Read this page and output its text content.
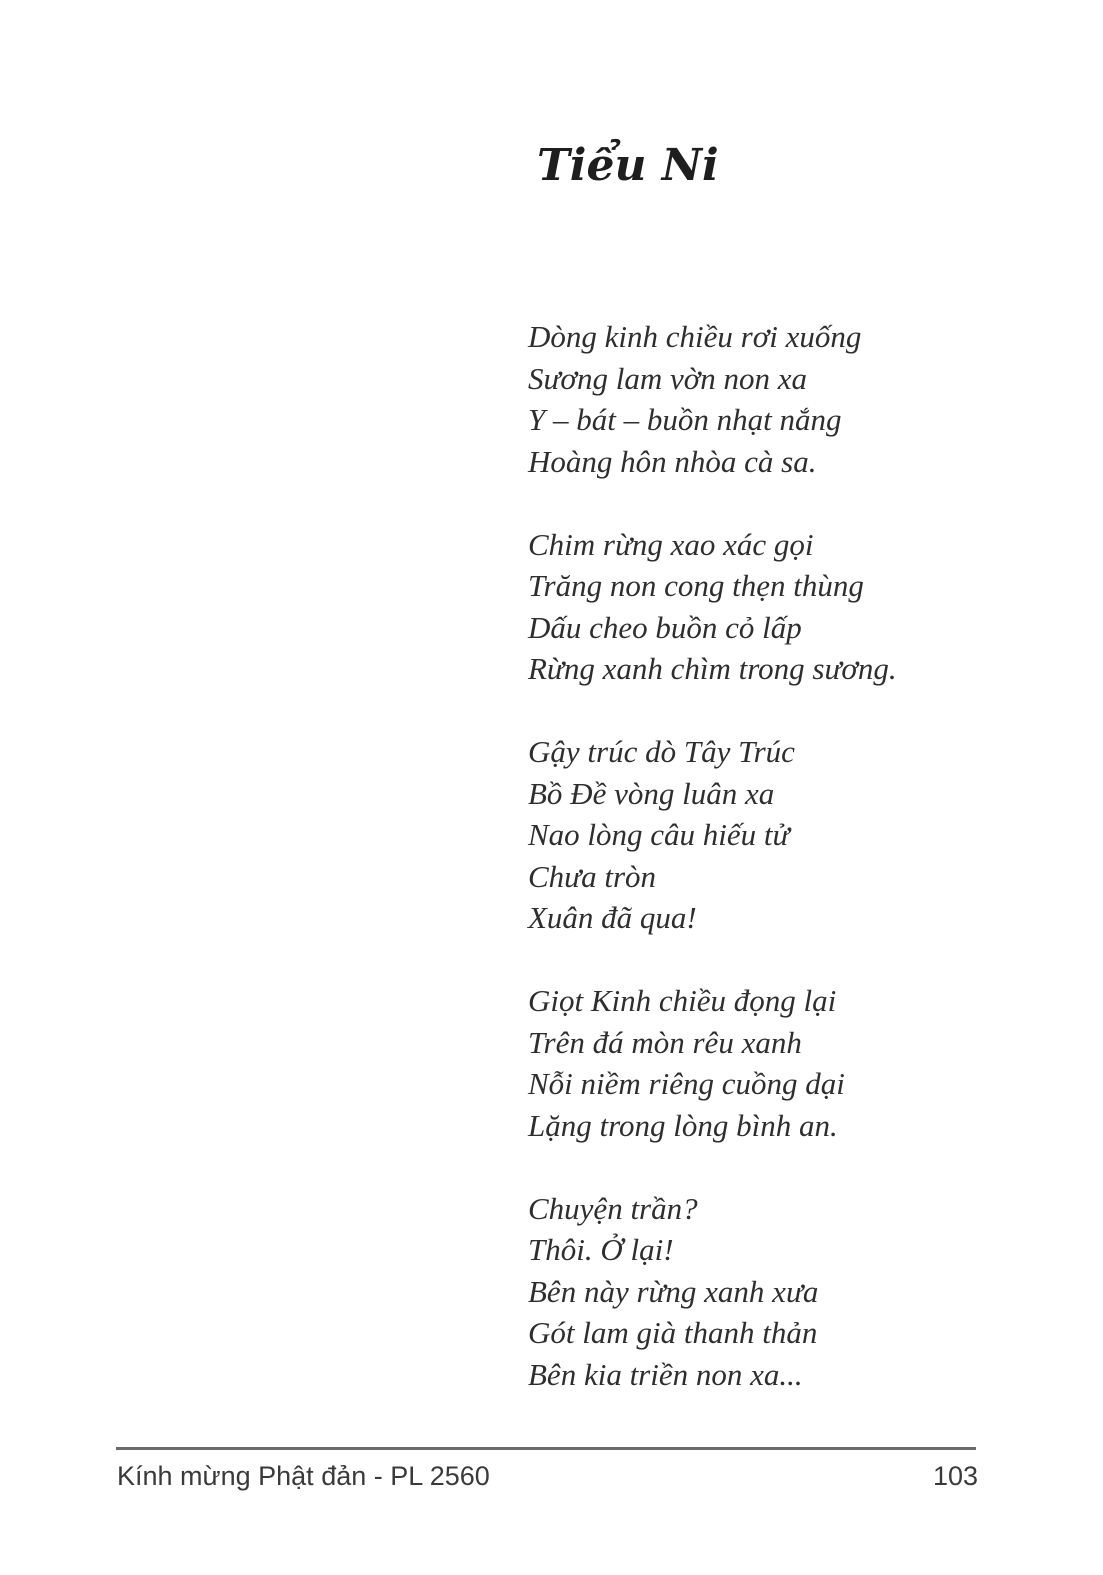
Tiểu Ni
Dòng kinh chiều rơi xuống
Sương lam vờn non xa
Y – bát – buồn nhạt nắng
Hoàng hôn nhòa cà sa.
Chim rừng xao xác gọi
Trăng non cong thẹn thùng
Dấu cheo buồn cỏ lấp
Rừng xanh chìm trong sương.
Gậy trúc dò Tây Trúc
Bồ Đề vòng luân xa
Nao lòng câu hiếu tử
Chưa tròn
Xuân đã qua!
Giọt Kinh chiều đọng lại
Trên đá mòn rêu xanh
Nỗi niềm riêng cuồng dại
Lặng trong lòng bình an.
Chuyện trần?
Thôi. Ở lại!
Bên này rừng xanh xưa
Gót lam già thanh thản
Bên kia triền non xa...
Kính mừng Phật đản - PL 2560	103
